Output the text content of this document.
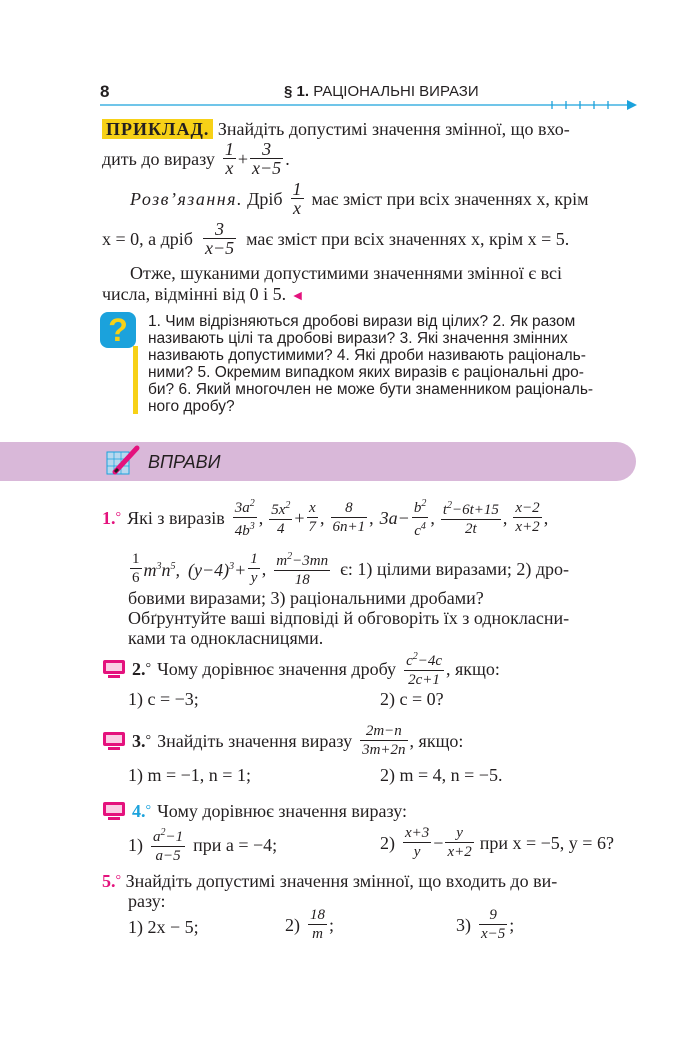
8	§ 1. РАЦІОНАЛЬНІ ВИРАЗИ
ПРИКЛАД. Знайдіть допустимі значення змінної, що вхо-
дить до виразу 1
$x + \frac{3}{x-5}$ .
Розв’язання. Дріб 1
x має зміст при всіх значеннях x, крім
x = 0, а дріб	3
x−5 має зміст при всіх значеннях x, крім x = 5.
Отже, шуканими допустимими значеннями змінної є всі
числа, відмінні від 0 і 5. ◄
?	1. Чим відрізняються дробові вирази від цілих? 2. Як разом
називають цілі та дробові вирази? 3. Які значення змінних
називають допустимими? 4. Які дроби називають раціональ-
ними? 5. Окремим випадком яких виразів є раціональні дро-
би? 6. Який многочлен не може бути знаменником раціональ-
ного дробу?
ВПРАВИ
1.° Які з виразів $3a^2$
$4b^3$ , $5x^2$
4
+ $\frac{x}{7}$ ,	8
6n+1 , $3a- \frac{b^2}{c^4}$ , $t^2-6t+15$
2t
, x−2
x+2 ,
1
6 $m^3n^5$, $(y-4)^3+ \frac{1}{y}$ , $m^2-3mn$
18
є: 1) цілими виразами; 2) дро-
бовими виразами; 3) раціональними дробами?
Обґрунтуйте ваші відповіді й обговоріть їх з однокласни-
ками та однокласницями.
2. ° Чому дорівнює значення дробу $c^2-4c$
2c+1
, якщо:
1) c = −3;	2) c = 0?
3. ° Знайдіть значення виразу 2m−n
3m+2n , якщо:
1) m = −1, n = 1;	2) m = 4, n = −5.
4. ° Чому дорівнює значення виразу:
1) $a^2-1$
a−5
при a = −4;	2) x+3
$y - \frac{y}{x+2}$ при x = −5, y = 6?
5.° Знайдіть допустимі значення змінної, що входить до ви-
разу:
1) 2x − 5;	2) 18
m ;	3)	9
x−5 ;
